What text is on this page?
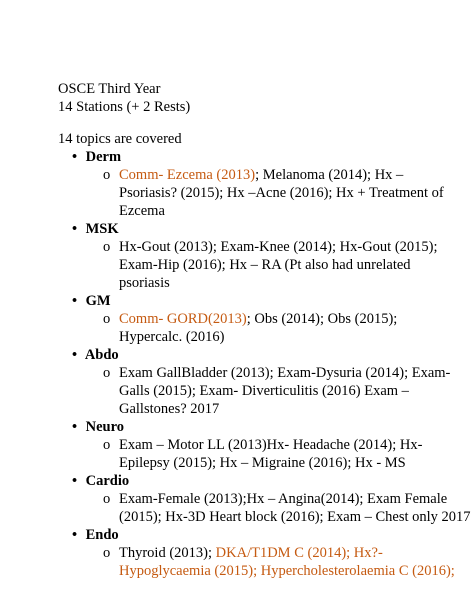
OSCE Third Year
14 Stations (+ 2 Rests)
14 topics are covered
• Derm
o Comm- Ezcema (2013); Melanoma (2014); Hx –
Psoriasis? (2015); Hx –Acne (2016); Hx + Treatment of
Ezcema
• MSK
o Hx-Gout (2013); Exam-Knee (2014); Hx-Gout (2015);
Exam-Hip (2016); Hx – RA (Pt also had unrelated
psoriasis
• GM
o Comm- GORD(2013); Obs (2014); Obs (2015);
Hypercalc. (2016)
• Abdo
o Exam GallBladder (2013); Exam-Dysuria (2014); Exam-
Galls (2015); Exam- Diverticulitis (2016) Exam –
Gallstones? 2017
• Neuro
o Exam – Motor LL (2013)Hx- Headache (2014); Hx-
Epilepsy (2015); Hx – Migraine (2016); Hx - MS
• Cardio
o Exam-Female (2013);Hx – Angina(2014); Exam Female
(2015); Hx-3D Heart block (2016); Exam – Chest only 2017
• Endo
o Thyroid (2013); DKA/T1DM C (2014); Hx?-
Hypoglycaemia (2015); Hypercholesterolaemia C (2016);
